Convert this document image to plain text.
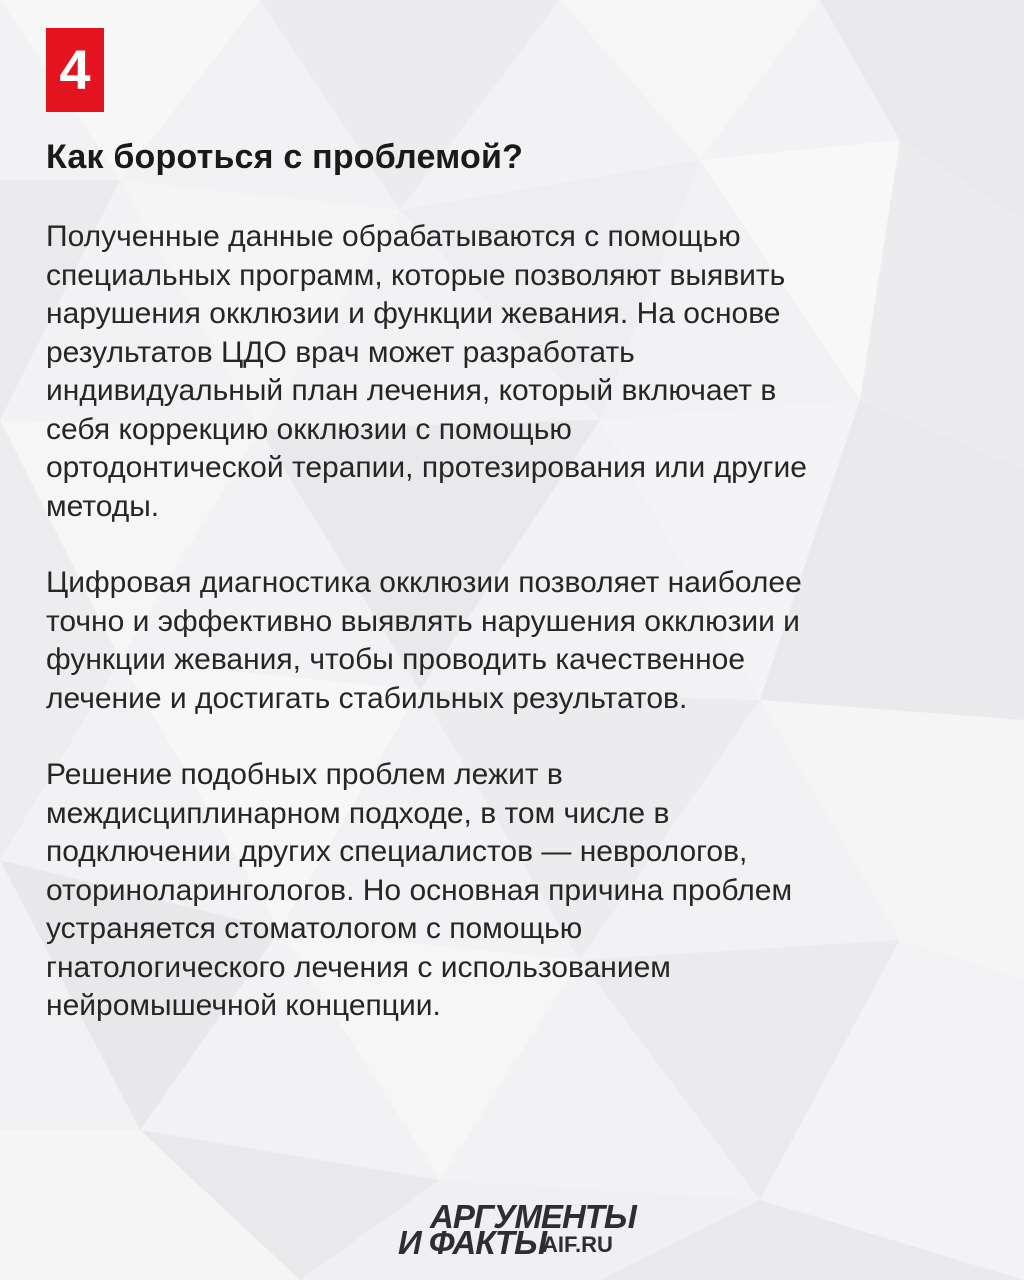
4
Как бороться с проблемой?

Полученные данные обрабатываются с помощью
специальных программ, которые позволяют выявить
нарушения окклюзии и функции жевания. На основе
результатов ЦДО врач может разработать
индивидуальный план лечения, который включает в
себя коррекцию окклюзии с помощью
ортодонтической терапии, протезирования или другие
методы.

Цифровая диагностика окклюзии позволяет наиболее
точно и эффективно выявлять нарушения окклюзии и
функции жевания, чтобы проводить качественное
лечение и достигать стабильных результатов.

Решение подобных проблем лежит в
междисциплинарном подходе, в том числе в
подключении других специалистов — неврологов,
оториноларингологов. Но основная причина проблем
устраняется стоматологом с помощью
гнатологического лечения с использованием
нейромышечной концепции.

АРГУМЕНТЫ
И ФАКТЫ
AIF.RU
